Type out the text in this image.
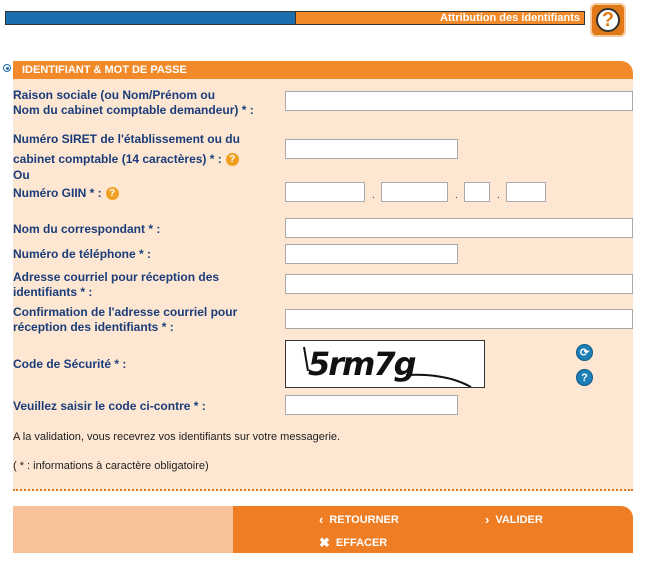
Attribution des identifiants ?
IDENTIFIANT & MOT DE PASSE
Raison sociale (ou Nom/Prénom ou
Nom du cabinet comptable demandeur) * :
Numéro SIRET de l'établissement ou du
cabinet comptable (14 caractères) * : ?
Ou
Numéro GIIN * : ?	.	.	.
Nom du correspondant * :
Numéro de téléphone * :
Adresse courriel pour réception des
identifiants * :
Confirmation de l'adresse courriel pour
réception des identifiants * :
Code de Sécurité * :	5rm7g	⟳
?
Veuillez saisir le code ci-contre * :
A la validation, vous recevrez vos identifiants sur votre messagerie.
( * : informations à caractère obligatoire)
‹ RETOURNER	› VALIDER
✖ EFFACER
